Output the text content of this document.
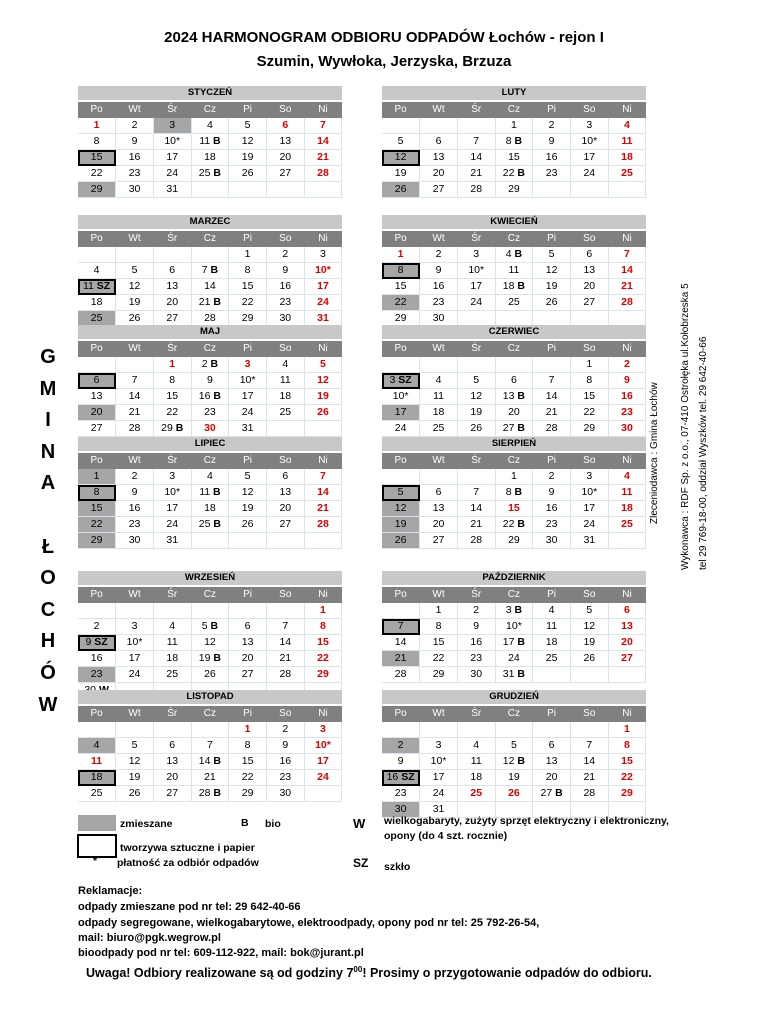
2024 HARMONOGRAM ODBIORU ODPADÓW Łochów - rejon I
Szumin, Wywłoka, Jerzyska, Brzuza
STYCZEŃ
Po	Wt	Śr	Cz	Pi	So	Ni
1	2	3	4	5	6	7
8	9	10*	11 B	12	13	14
15	16	17	18	19	20	21
22	23	24	25 B	26	27	28
29	30	31				
LUTY
Po	Wt	Śr	Cz	Pi	So	Ni
			1	2	3	4
5	6	7	8 B	9	10*	11
12	13	14	15	16	17	18
19	20	21	22 B	23	24	25
26	27	28	29			
MARZEC
Po	Wt	Śr	Cz	Pi	So	Ni
				1	2	3
4	5	6	7 B	8	9	10*
11 SZ	12	13	14	15	16	17
18	19	20	21 B	22	23	24
25	26	27	28	29	30	31
KWIECIEŃ
Po	Wt	Śr	Cz	Pi	So	Ni
1	2	3	4 B	5	6	7
8	9	10*	11	12	13	14
15	16	17	18 B	19	20	21
22	23	24	25	26	27	28
29	30					
MAJ
Po	Wt	Śr	Cz	Pi	So	Ni
		1	2 B	3	4	5
6	7	8	9	10*	11	12
13	14	15	16 B	17	18	19
20	21	22	23	24	25	26
27	28	29 B	30	31		
CZERWIEC
Po	Wt	Śr	Cz	Pi	So	Ni
					1	2
3 SZ	4	5	6	7	8	9
10*	11	12	13 B	14	15	16
17	18	19	20	21	22	23
24	25	26	27 B	28	29	30
LIPIEC
Po	Wt	Śr	Cz	Pi	So	Ni
1	2	3	4	5	6	7
8	9	10*	11 B	12	13	14
15	16	17	18	19	20	21
22	23	24	25 B	26	27	28
29	30	31				
SIERPIEŃ
Po	Wt	Śr	Cz	Pi	So	Ni
			1	2	3	4
5	6	7	8 B	9	10*	11
12	13	14	15	16	17	18
19	20	21	22 B	23	24	25
26	27	28	29	30	31	
WRZESIEŃ
Po	Wt	Śr	Cz	Pi	So	Ni
						1
2	3	4	5 B	6	7	8
9 SZ	10*	11	12	13	14	15
16	17	18	19 B	20	21	22
23	24	25	26	27	28	29

PAŹDZIERNIK
Po	Wt	Śr	Cz	Pi	So	Ni
	1	2	3 B	4	5	6
7	8	9	10*	11	12	13
14	15	16	17 B	18	19	20
21	22	23	24	25	26	27
28	29	30	31 B			
LISTOPAD
Po	Wt	Śr	Cz	Pi	So	Ni
				1	2	3
4	5	6	7	8	9	10*
11	12	13	14 B	15	16	17
18	19	20	21	22	23	24
25	26	27	28 B	29	30	
GRUDZIEŃ
Po	Wt	Śr	Cz	Pi	So	Ni
						1
2	3	4	5	6	7	8
9	10*	11	12 B	13	14	15
16 SZ	17	18	19	20	21	22
23	24	25	26	27 B	28	29
30	31					
G
M
I
N
A

Ł
O
C
H
Ó
W
Zleceniodawca : Gmina Łochów Wykonawca : RDF Sp. z o.o., 07-410 Ostrołęka ul.Kołobrzeska 5 tel 29 769-18-00, oddział Wyszków tel. 29 642-40-66
zmieszane	B bio	W wielkogabaryty, zużyty sprzęt elektryczny i elektroniczny,
opony (do 4 szt. rocznie)
tworzywa sztuczne i papier
* płatność za odbiór odpadów	SZ szkło
Reklamacje:
odpady zmieszane pod nr tel: 29 642-40-66
odpady segregowane, wielkogabarytowe, elektroodpady, opony pod nr tel: 25 792-26-54,
mail: biuro@pgk.wegrow.pl
bioodpady pod nr tel: 609-112-922, mail: bok@jurant.pl
Uwaga! Odbiory realizowane są od godziny $7^{00}$! Prosimy o przygotowanie odpadów do odbioru.
